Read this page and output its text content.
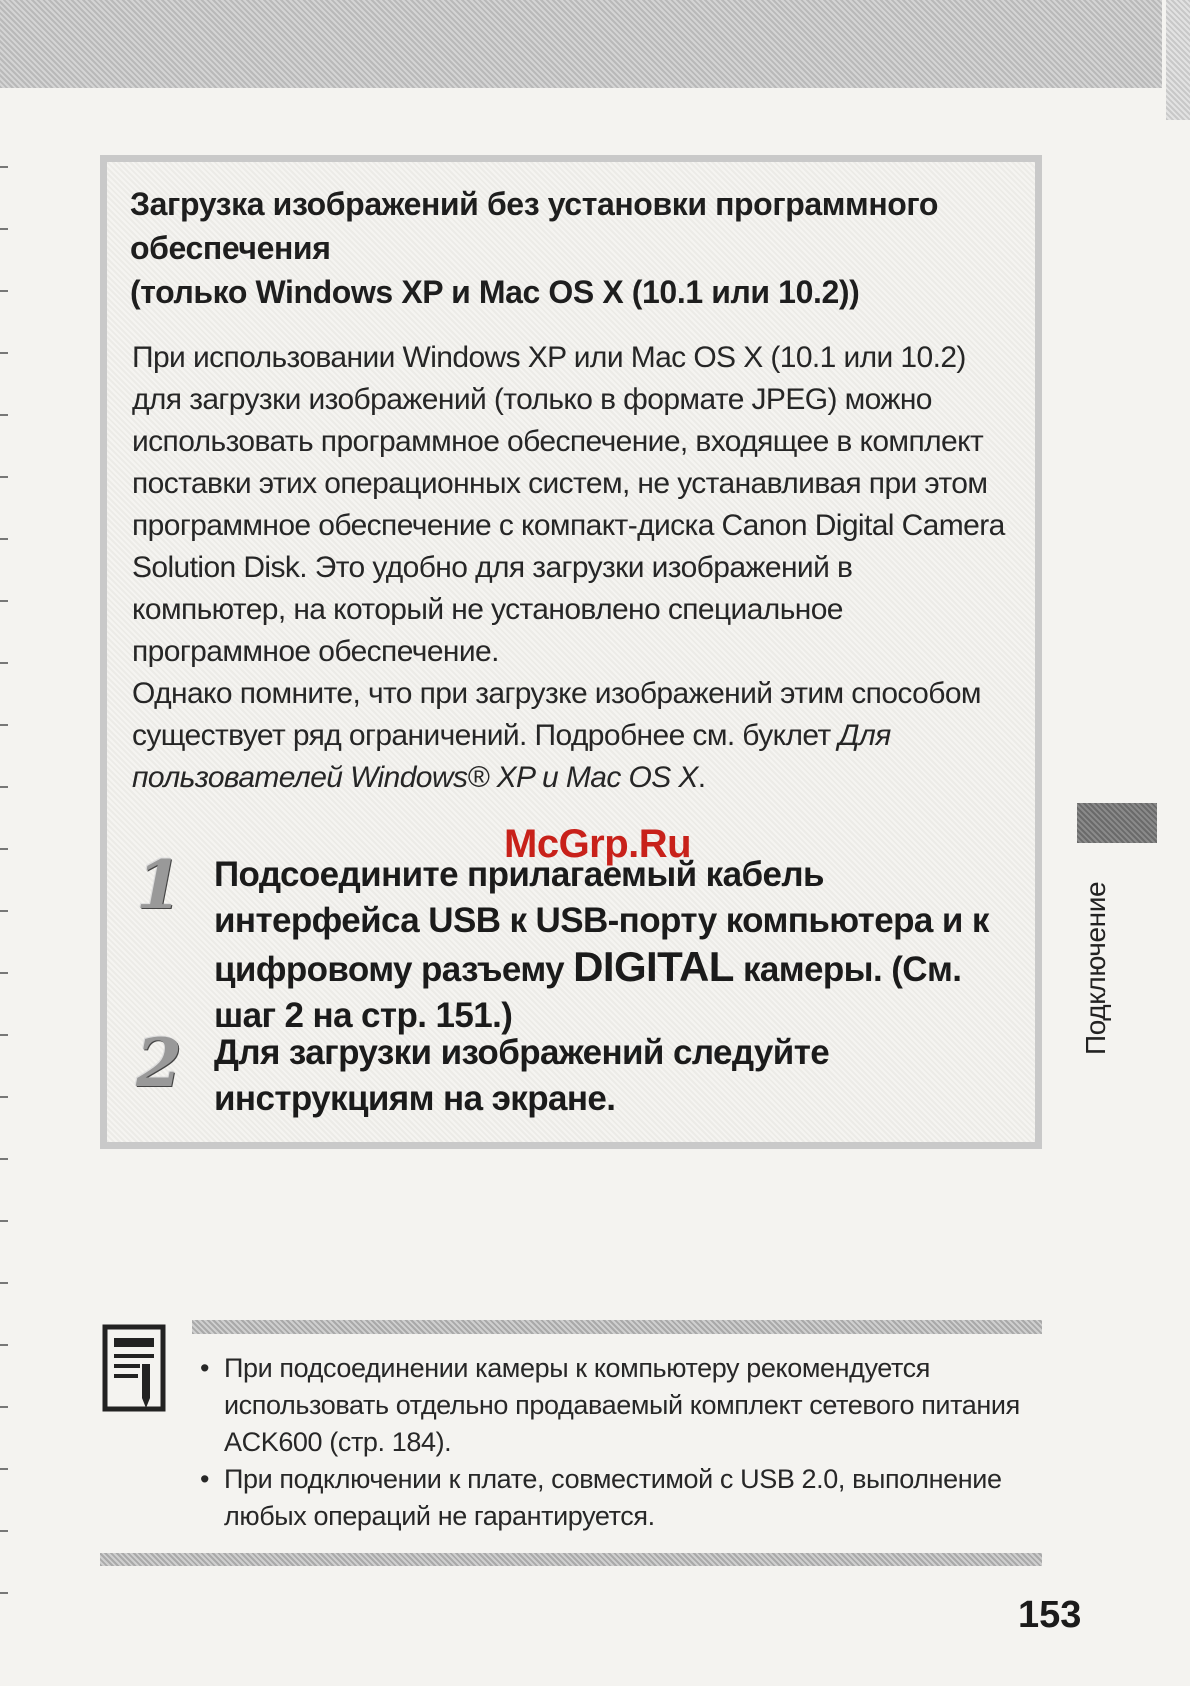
Загрузка изображений без установки программного
обеспечения
(только Windows XP и Mac OS X (10.1 или 10.2))

При использовании Windows XP или Mac OS X (10.1 или 10.2) для загрузки изображений (только в формате JPEG) можно использовать программное обеспечение, входящее в комплект поставки этих операционных систем, не устанавливая при этом программное обеспечение с компакт-диска Canon Digital Camera Solution Disk. Это удобно для загрузки изображений в компьютер, на который не установлено специальное программное обеспечение.

Однако помните, что при загрузке изображений этим способом существует ряд ограничений. Подробнее см. буклет Для пользователей Windows® XP и Mac OS X.

1 Подсоедините прилагаемый кабель интерфейса USB к USB-порту компьютера и к цифровому разъему DIGITAL камеры. (См. шаг 2 на стр. 151.)
2 Для загрузки изображений следуйте инструкциям на экране.
McGrp.Ru
Подключение
• При подсоединении камеры к компьютеру рекомендуется использовать отдельно продаваемый комплект сетевого питания ACK600 (стр. 184).
• При подключении к плате, совместимой с USB 2.0, выполнение любых операций не гарантируется.
153
